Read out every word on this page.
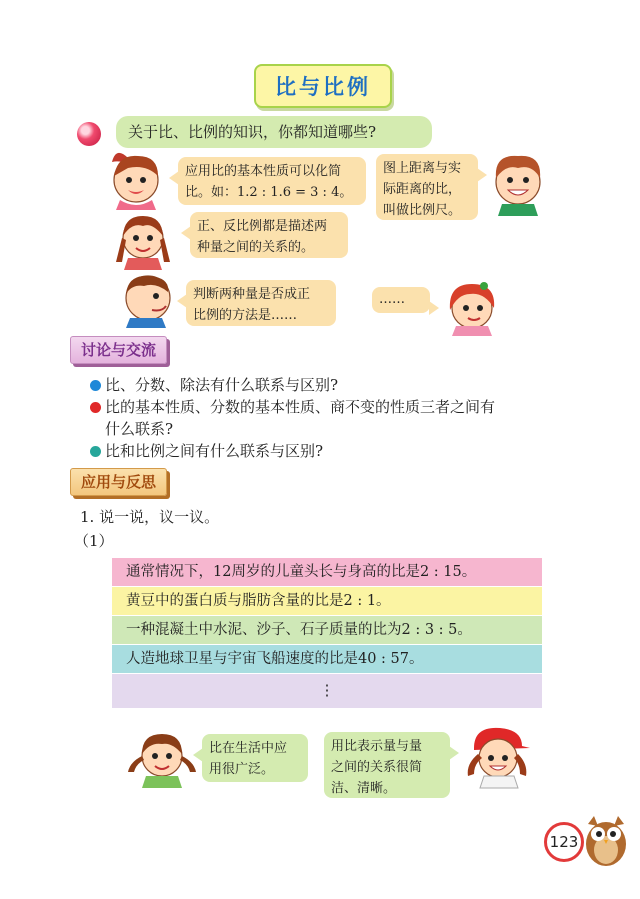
比与比例
关于比、比例的知识，你都知道哪些?
应用比的基本性质可以化简
比。如：1.2 : 1.6 = 3 : 4。
图上距离与实
际距离的比，
叫做比例尺。
正、反比例都是描述两
种量之间的关系的。
判断两种量是否成正
比例的方法是……
……
讨论与交流
比、分数、除法有什么联系与区别?
比的基本性质、分数的基本性质、商不变的性质三者之间有
什么联系?
比和比例之间有什么联系与区别?
应用与反思
1. 说一说，议一议。
（1）
通常情况下，12周岁的儿童头长与身高的比是2 : 15。
黄豆中的蛋白质与脂肪含量的比是2 : 1。
一种混凝土中水泥、沙子、石子质量的比为2 : 3 : 5。
人造地球卫星与宇宙飞船速度的比是40 : 57。
⋮
比在生活中应
用很广泛。
用比表示量与量
之间的关系很简
洁、清晰。
123
